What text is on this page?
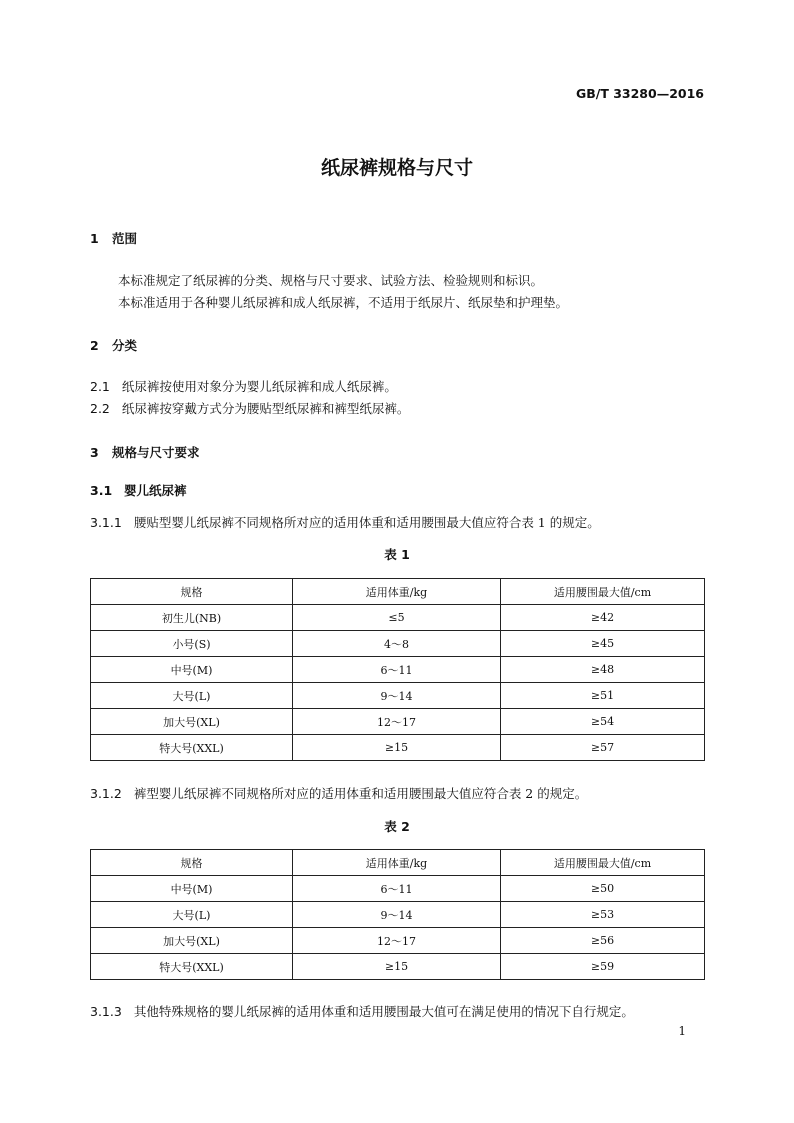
GB/T 33280—2016
纸尿裤规格与尺寸
1 范围
本标准规定了纸尿裤的分类、规格与尺寸要求、试验方法、检验规则和标识。
本标准适用于各种婴儿纸尿裤和成人纸尿裤，不适用于纸尿片、纸尿垫和护理垫。
2 分类
2.1 纸尿裤按使用对象分为婴儿纸尿裤和成人纸尿裤。
2.2 纸尿裤按穿戴方式分为腰贴型纸尿裤和裤型纸尿裤。
3 规格与尺寸要求
3.1 婴儿纸尿裤
3.1.1 腰贴型婴儿纸尿裤不同规格所对应的适用体重和适用腰围最大值应符合表 1 的规定。
表 1
规格	适用体重/kg	适用腰围最大值/cm
初生儿(NB)	≤5	≥42
小号(S)	4～8	≥45
中号(M)	6～11	≥48
大号(L)	9～14	≥51
加大号(XL)	12～17	≥54
特大号(XXL)	≥15	≥57
3.1.2 裤型婴儿纸尿裤不同规格所对应的适用体重和适用腰围最大值应符合表 2 的规定。
表 2
规格	适用体重/kg	适用腰围最大值/cm
中号(M)	6～11	≥50
大号(L)	9～14	≥53
加大号(XL)	12～17	≥56
特大号(XXL)	≥15	≥59
3.1.3 其他特殊规格的婴儿纸尿裤的适用体重和适用腰围最大值可在满足使用的情况下自行规定。
1
